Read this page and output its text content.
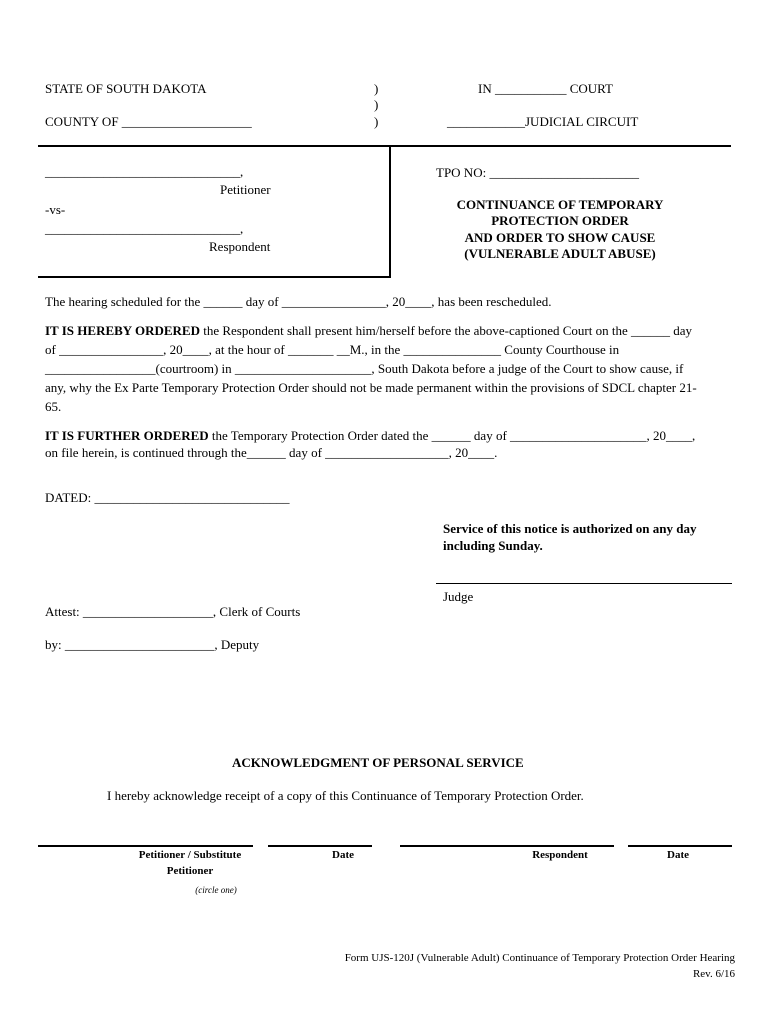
STATE OF SOUTH DAKOTA
COUNTY OF ____________________
)
)
)
IN ___________ COURT
____________JUDICIAL CIRCUIT
______________________________,
Petitioner
-vs-
______________________________,
Respondent
TPO NO: _______________________
CONTINUANCE OF TEMPORARY
PROTECTION ORDER
AND ORDER TO SHOW CAUSE
(VULNERABLE ADULT ABUSE)
The hearing scheduled for the ______ day of ________________, 20____, has been rescheduled.
IT IS HEREBY ORDERED the Respondent shall present him/herself before the above-captioned Court on the ______ day of ________________, 20____, at the hour of _______ __M., in the _______________ County Courthouse in _________________(courtroom) in _____________________, South Dakota before a judge of the Court to show cause, if any, why the Ex Parte Temporary Protection Order should not be made permanent within the provisions of SDCL chapter 21-65.
IT IS FURTHER ORDERED the Temporary Protection Order dated the ______ day of _____________________, 20____, on file herein, is continued through the______ day of ___________________, 20____.
DATED: ______________________________
Service of this notice is authorized on any day
including Sunday.
Judge
Attest: ____________________, Clerk of Courts
by: _______________________, Deputy
ACKNOWLEDGMENT OF PERSONAL SERVICE
I hereby acknowledge receipt of a copy of this Continuance of Temporary Protection Order.
Petitioner / Substitute
Petitioner
(circle one)
Date	Respondent	Date
Form UJS-120J (Vulnerable Adult) Continuance of Temporary Protection Order Hearing
Rev. 6/16
